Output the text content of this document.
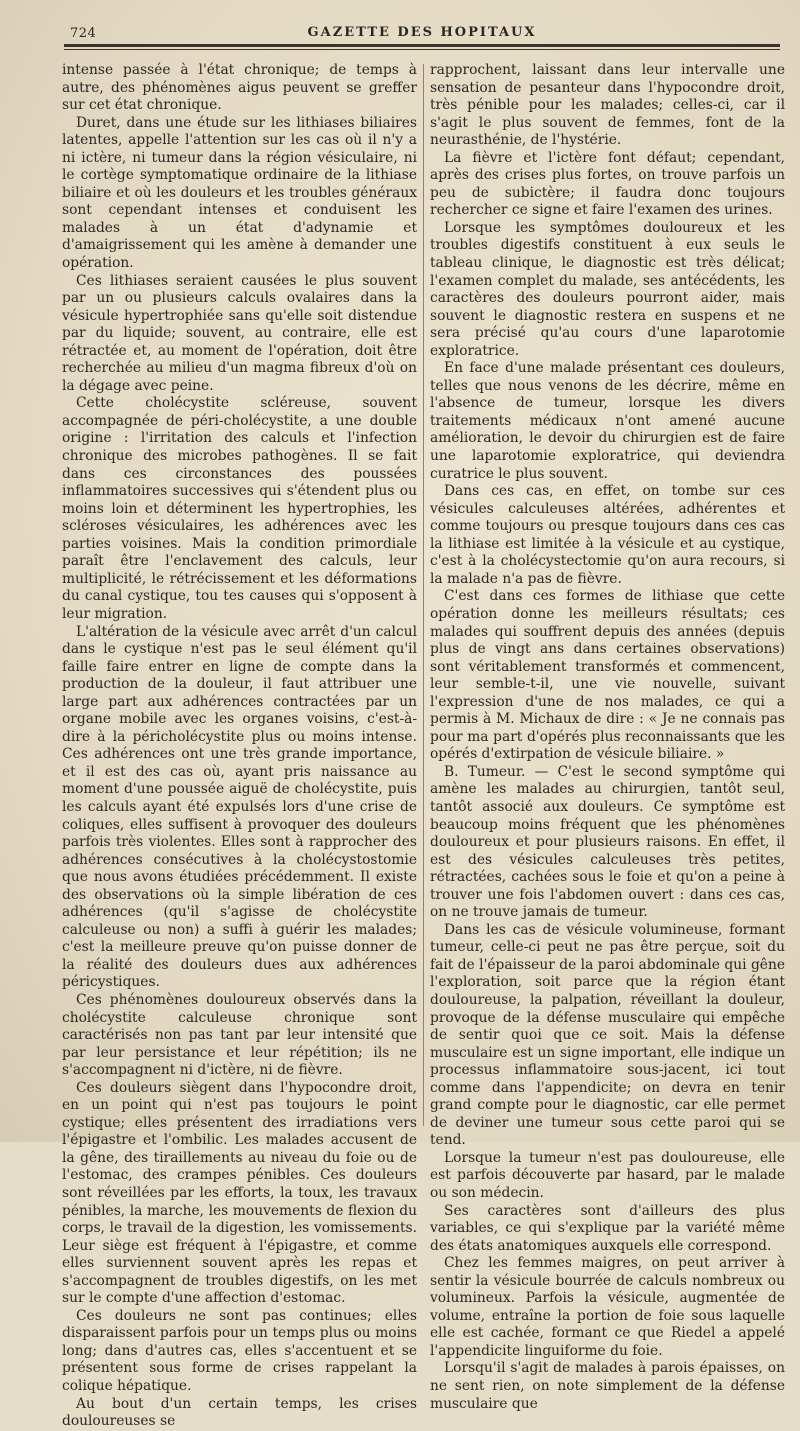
724	GAZETTE DES HOPITAUX

intense passée à l'état chronique; de temps à autre, des phénomènes aigus peuvent se greffer sur cet état chronique.

Duret, dans une étude sur les lithiases biliaires latentes, appelle l'attention sur les cas où il n'y a ni ictère, ni tumeur dans la région vésiculaire, ni le cortège symptomatique ordinaire de la lithiase biliaire et où les douleurs et les troubles généraux sont cependant intenses et conduisent les malades à un état d'adynamie et d'amaigrissement qui les amène à demander une opération.

Ces lithiases seraient causées le plus souvent par un ou plusieurs calculs ovalaires dans la vésicule hypertrophiée sans qu'elle soit distendue par du liquide; souvent, au contraire, elle est rétractée et, au moment de l'opération, doit être recherchée au milieu d'un magma fibreux d'où on la dégage avec peine.

Cette cholécystite scléreuse, souvent accompagnée de péri-cholécystite, a une double origine : l'irritation des calculs et l'infection chronique des microbes pathogènes. Il se fait dans ces circonstances des poussées inflammatoires successives qui s'étendent plus ou moins loin et déterminent les hypertrophies, les scléroses vésiculaires, les adhérences avec les parties voisines. Mais la condition primordiale paraît être l'enclavement des calculs, leur multiplicité, le rétrécissement et les déformations du canal cystique, tou tes causes qui s'opposent à leur migration.

L'altération de la vésicule avec arrêt d'un calcul dans le cystique n'est pas le seul élément qu'il faille faire entrer en ligne de compte dans la production de la douleur, il faut attribuer une large part aux adhérences contractées par un organe mobile avec les organes voisins, c'est-à-dire à la péricholécystite plus ou moins intense. Ces adhérences ont une très grande importance, et il est des cas où, ayant pris naissance au moment d'une poussée aiguë de cholécystite, puis les calculs ayant été expulsés lors d'une crise de coliques, elles suffisent à provoquer des douleurs parfois très violentes. Elles sont à rapprocher des adhérences consécutives à la cholécystostomie que nous avons étudiées précédemment. Il existe des observations où la simple libération de ces adhérences (qu'il s'agisse de cholécystite calculeuse ou non) a suffi à guérir les malades; c'est la meilleure preuve qu'on puisse donner de la réalité des douleurs dues aux adhérences péricystiques.

Ces phénomènes douloureux observés dans la cholécystite calculeuse chronique sont caractérisés non pas tant par leur intensité que par leur persistance et leur répétition; ils ne s'accompagnent ni d'ictère, ni de fièvre.

Ces douleurs siègent dans l'hypocondre droit, en un point qui n'est pas toujours le point cystique; elles présentent des irradiations vers l'épigastre et l'ombilic. Les malades accusent de la gêne, des tiraillements au niveau du foie ou de l'estomac, des crampes pénibles. Ces douleurs sont réveillées par les efforts, la toux, les travaux pénibles, la marche, les mouvements de flexion du corps, le travail de la digestion, les vomissements. Leur siège est fréquent à l'épigastre, et comme elles surviennent souvent après les repas et s'accompagnent de troubles digestifs, on les met sur le compte d'une affection d'estomac.

Ces douleurs ne sont pas continues; elles disparaissent parfois pour un temps plus ou moins long; dans d'autres cas, elles s'accentuent et se présentent sous forme de crises rappelant la colique hépatique.

Au bout d'un certain temps, les crises douloureuses se

rapprochent, laissant dans leur intervalle une sensation de pesanteur dans l'hypocondre droit, très pénible pour les malades; celles-ci, car il s'agit le plus souvent de femmes, font de la neurasthénie, de l'hystérie.

La fièvre et l'ictère font défaut; cependant, après des crises plus fortes, on trouve parfois un peu de subictère; il faudra donc toujours rechercher ce signe et faire l'examen des urines.

Lorsque les symptômes douloureux et les troubles digestifs constituent à eux seuls le tableau clinique, le diagnostic est très délicat; l'examen complet du malade, ses antécédents, les caractères des douleurs pourront aider, mais souvent le diagnostic restera en suspens et ne sera précisé qu'au cours d'une laparotomie exploratrice.

En face d'une malade présentant ces douleurs, telles que nous venons de les décrire, même en l'absence de tumeur, lorsque les divers traitements médicaux n'ont amené aucune amélioration, le devoir du chirurgien est de faire une laparotomie exploratrice, qui deviendra curatrice le plus souvent.

Dans ces cas, en effet, on tombe sur ces vésicules calculeuses altérées, adhérentes et comme toujours ou presque toujours dans ces cas la lithiase est limitée à la vésicule et au cystique, c'est à la cholécystectomie qu'on aura recours, si la malade n'a pas de fièvre.

C'est dans ces formes de lithiase que cette opération donne les meilleurs résultats; ces malades qui souffrent depuis des années (depuis plus de vingt ans dans certaines observations) sont véritablement transformés et commencent, leur semble-t-il, une vie nouvelle, suivant l'expression d'une de nos malades, ce qui a permis à M. Michaux de dire : « Je ne connais pas pour ma part d'opérés plus reconnaissants que les opérés d'extirpation de vésicule biliaire. »

B. Tumeur. — C'est le second symptôme qui amène les malades au chirurgien, tantôt seul, tantôt associé aux douleurs. Ce symptôme est beaucoup moins fréquent que les phénomènes douloureux et pour plusieurs raisons. En effet, il est des vésicules calculeuses très petites, rétractées, cachées sous le foie et qu'on a peine à trouver une fois l'abdomen ouvert : dans ces cas, on ne trouve jamais de tumeur.

Dans les cas de vésicule volumineuse, formant tumeur, celle-ci peut ne pas être perçue, soit du fait de l'épaisseur de la paroi abdominale qui gêne l'exploration, soit parce que la région étant douloureuse, la palpation, réveillant la douleur, provoque de la défense musculaire qui empêche de sentir quoi que ce soit. Mais la défense musculaire est un signe important, elle indique un processus inflammatoire sous-jacent, ici tout comme dans l'appendicite; on devra en tenir grand compte pour le diagnostic, car elle permet de deviner une tumeur sous cette paroi qui se tend.

Lorsque la tumeur n'est pas douloureuse, elle est parfois découverte par hasard, par le malade ou son médecin.

Ses caractères sont d'ailleurs des plus variables, ce qui s'explique par la variété même des états anatomiques auxquels elle correspond.

Chez les femmes maigres, on peut arriver à sentir la vésicule bourrée de calculs nombreux ou volumineux. Parfois la vésicule, augmentée de volume, entraîne la portion de foie sous laquelle elle est cachée, formant ce que Riedel a appelé l'appendicite linguiforme du foie.

Lorsqu'il s'agit de malades à parois épaisses, on ne sent rien, on note simplement de la défense musculaire que
